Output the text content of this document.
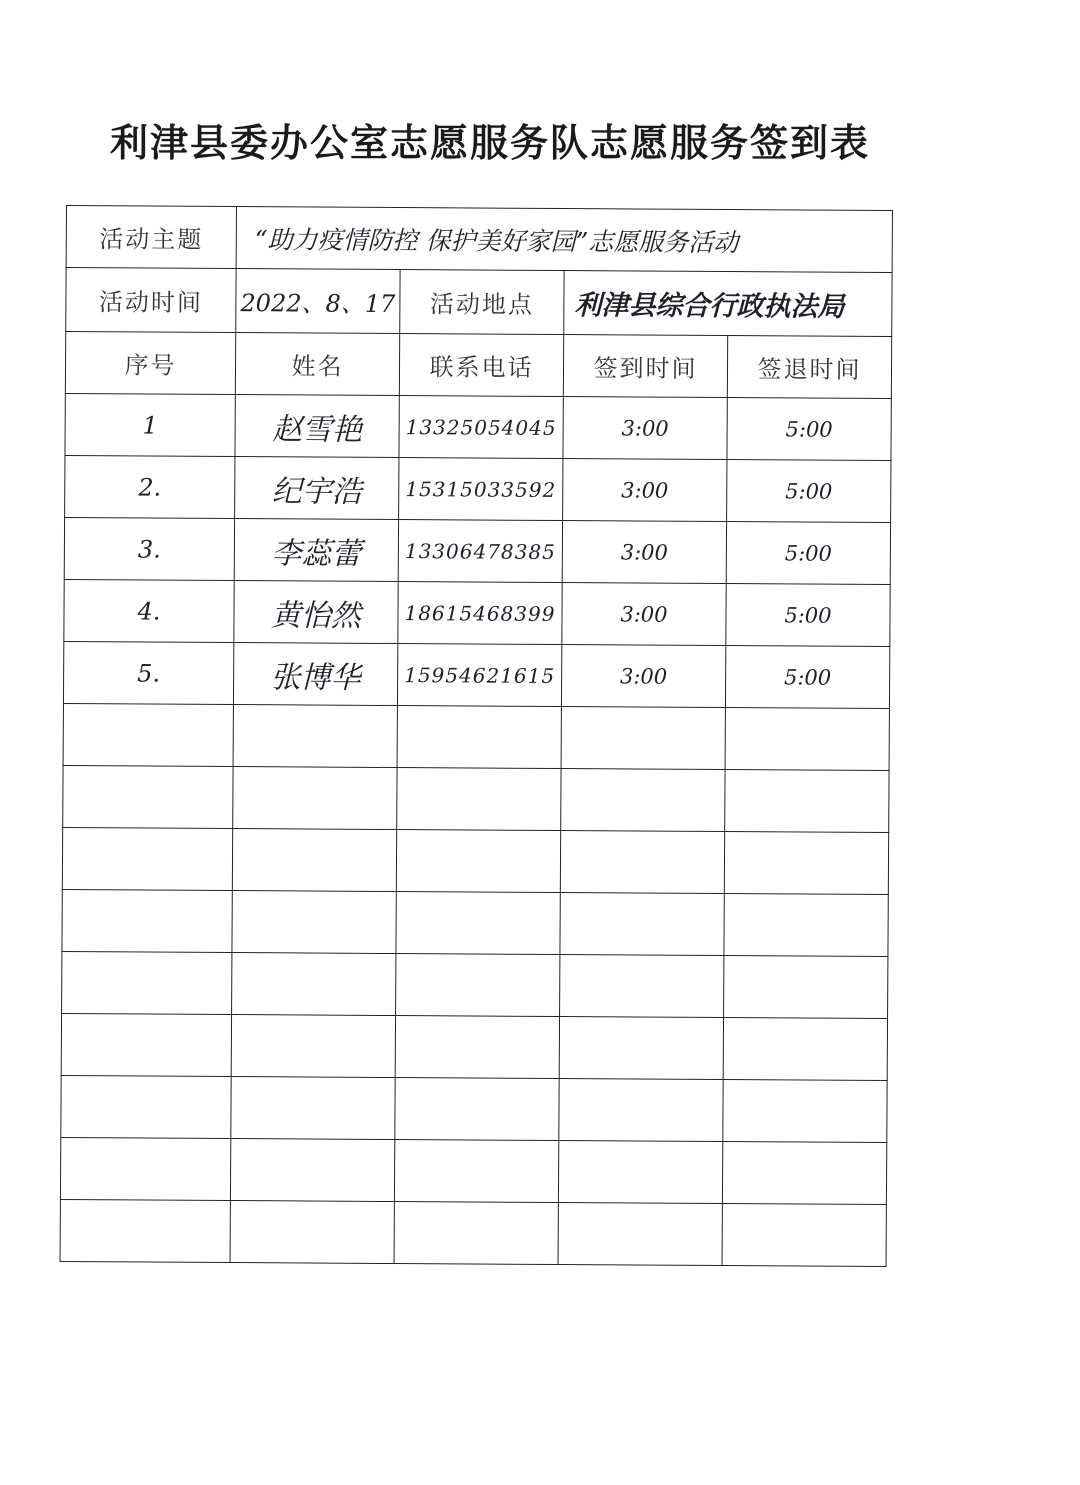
利津县委办公室志愿服务队志愿服务签到表
活动主题	“助力疫情防控 保护美好家园”志愿服务活动			
活动时间	2022、8、17	活动地点	利津县综合行政执法局	
序号	姓名	联系电话	签到时间	签退时间
1	赵雪艳	13325054045	3:00	5:00
2.	纪宇浩	15315033592	3:00	5:00
3.	李蕊蕾	13306478385	3:00	5:00
4.	黄怡然	18615468399	3:00	5:00
5.	张博华	15954621615	3:00	5:00
